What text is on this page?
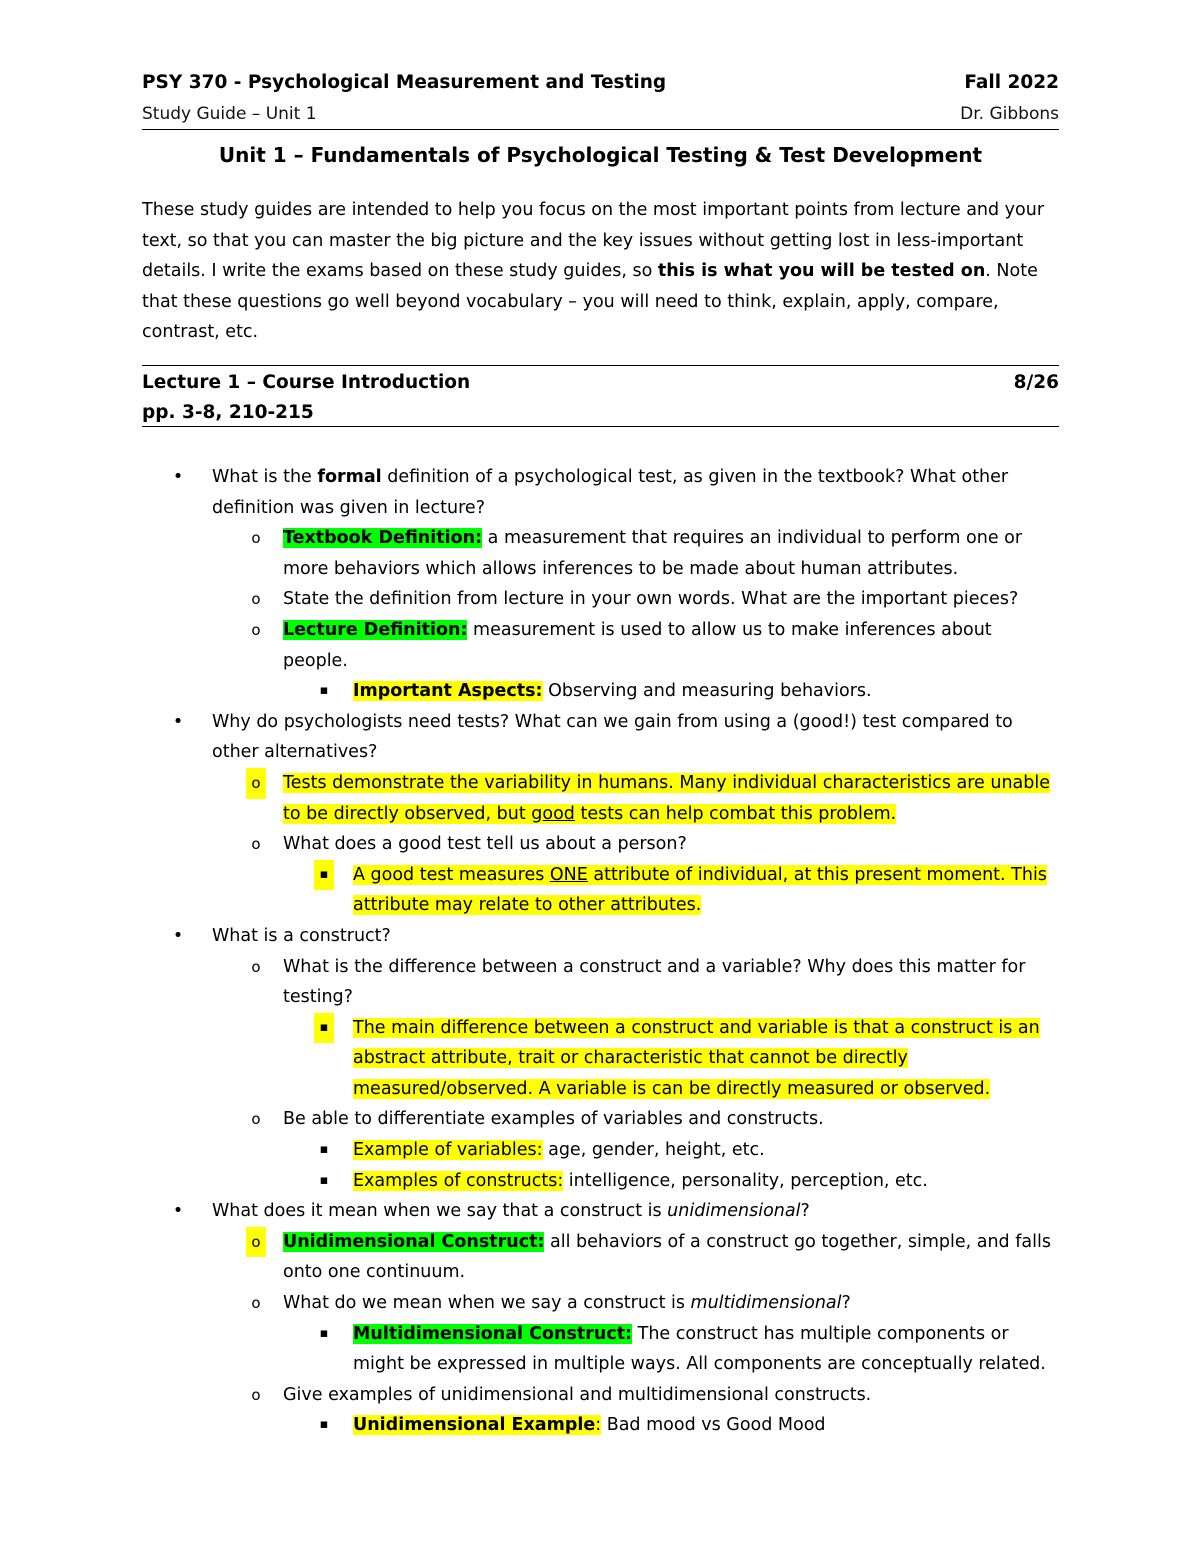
PSY 370 - Psychological Measurement and Testing	Fall 2022
Study Guide – Unit 1	Dr. Gibbons
Unit 1 – Fundamentals of Psychological Testing & Test Development
These study guides are intended to help you focus on the most important points from lecture and your text, so that you can master the big picture and the key issues without getting lost in less-important details. I write the exams based on these study guides, so this is what you will be tested on. Note that these questions go well beyond vocabulary – you will need to think, explain, apply, compare, contrast, etc.
Lecture 1 – Course Introduction	8/26
pp. 3-8, 210-215
• What is the formal definition of a psychological test, as given in the textbook? What other definition was given in lecture?
o	Textbook Definition: a measurement that requires an individual to perform one or more behaviors which allows inferences to be made about human attributes.
o	State the definition from lecture in your own words. What are the important pieces?
o	Lecture Definition: measurement is used to allow us to make inferences about people.
▪	Important Aspects: Observing and measuring behaviors.
• Why do psychologists need tests? What can we gain from using a (good!) test compared to other alternatives?
o	Tests demonstrate the variability in humans. Many individual characteristics are unable to be directly observed, but good tests can help combat this problem.
o	What does a good test tell us about a person?
▪	A good test measures ONE attribute of individual, at this present moment. This attribute may relate to other attributes.
• What is a construct?
o	What is the difference between a construct and a variable? Why does this matter for testing?
▪	The main difference between a construct and variable is that a construct is an abstract attribute, trait or characteristic that cannot be directly measured/observed. A variable is can be directly measured or observed.
o	Be able to differentiate examples of variables and constructs.
▪	Example of variables: age, gender, height, etc.
▪	Examples of constructs: intelligence, personality, perception, etc.
• What does it mean when we say that a construct is unidimensional?
o	Unidimensional Construct: all behaviors of a construct go together, simple, and falls onto one continuum.
o	What do we mean when we say a construct is multidimensional?
▪	Multidimensional Construct: The construct has multiple components or might be expressed in multiple ways. All components are conceptually related.
o	Give examples of unidimensional and multidimensional constructs.
▪	Unidimensional Example: Bad mood vs Good Mood
